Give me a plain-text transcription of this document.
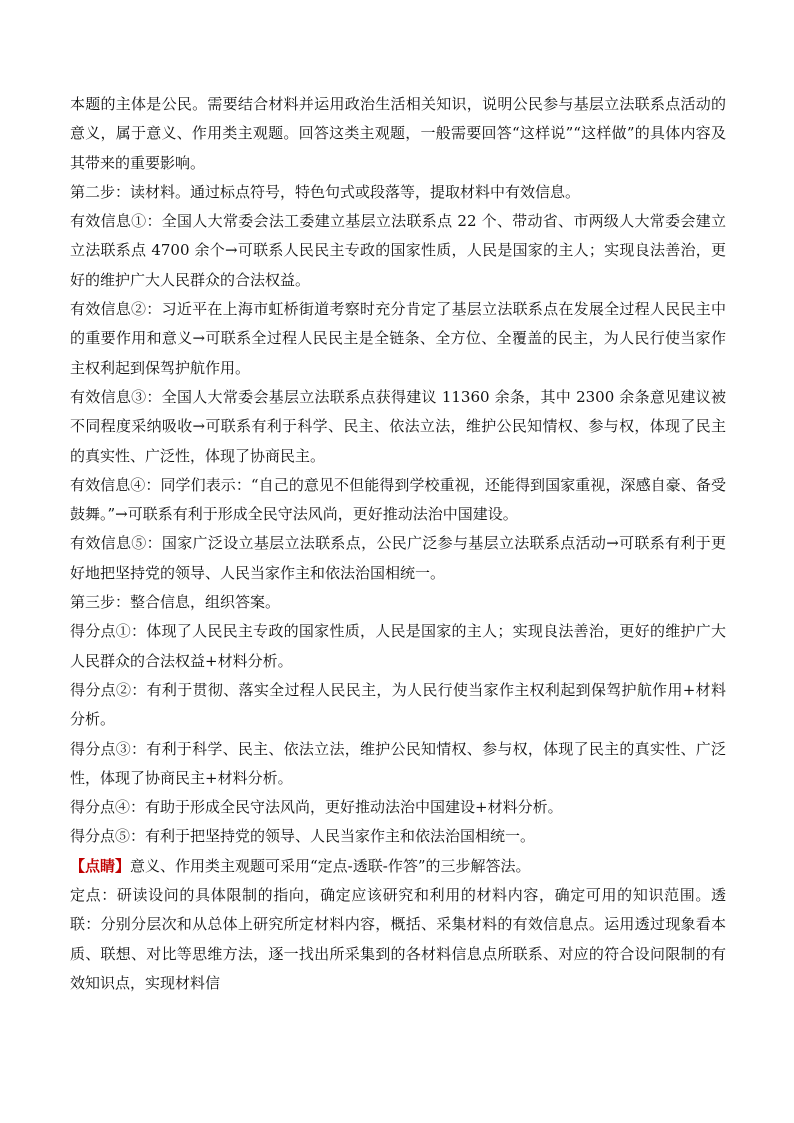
本题的主体是公民。需要结合材料并运用政治生活相关知识，说明公民参与基层立法联系点活动的意义，属于意义、作用类主观题。回答这类主观题，一般需要回答“这样说”“这样做”的具体内容及其带来的重要影响。

第二步：读材料。通过标点符号，特色句式或段落等，提取材料中有效信息。

有效信息①：全国人大常委会法工委建立基层立法联系点 22 个、带动省、市两级人大常委会建立立法联系点 4700 余个→可联系人民民主专政的国家性质，人民是国家的主人；实现良法善治，更好的维护广大人民群众的合法权益。

有效信息②：习近平在上海市虹桥街道考察时充分肯定了基层立法联系点在发展全过程人民民主中的重要作用和意义→可联系全过程人民民主是全链条、全方位、全覆盖的民主，为人民行使当家作主权利起到保驾护航作用。

有效信息③：全国人大常委会基层立法联系点获得建议 11360 余条，其中 2300 余条意见建议被不同程度采纳吸收→可联系有利于科学、民主、依法立法，维护公民知情权、参与权，体现了民主的真实性、广泛性，体现了协商民主。

有效信息④：同学们表示：“自己的意见不但能得到学校重视，还能得到国家重视，深感自豪、备受鼓舞。”→可联系有利于形成全民守法风尚，更好推动法治中国建设。

有效信息⑤：国家广泛设立基层立法联系点，公民广泛参与基层立法联系点活动→可联系有利于更好地把坚持党的领导、人民当家作主和依法治国相统一。

第三步：整合信息，组织答案。

得分点①：体现了人民民主专政的国家性质，人民是国家的主人；实现良法善治，更好的维护广大人民群众的合法权益+材料分析。

得分点②：有利于贯彻、落实全过程人民民主，为人民行使当家作主权利起到保驾护航作用+材料分析。

得分点③：有利于科学、民主、依法立法，维护公民知情权、参与权，体现了民主的真实性、广泛性，体现了协商民主+材料分析。

得分点④：有助于形成全民守法风尚，更好推动法治中国建设+材料分析。

得分点⑤：有利于把坚持党的领导、人民当家作主和依法治国相统一。

【点睛】意义、作用类主观题可采用“定点-透联-作答”的三步解答法。

定点：研读设问的具体限制的指向，确定应该研究和利用的材料内容，确定可用的知识范围。透联：分别分层次和从总体上研究所定材料内容，概括、采集材料的有效信息点。运用透过现象看本质、联想、对比等思维方法，逐一找出所采集到的各材料信息点所联系、对应的符合设问限制的有效知识点，实现材料信
